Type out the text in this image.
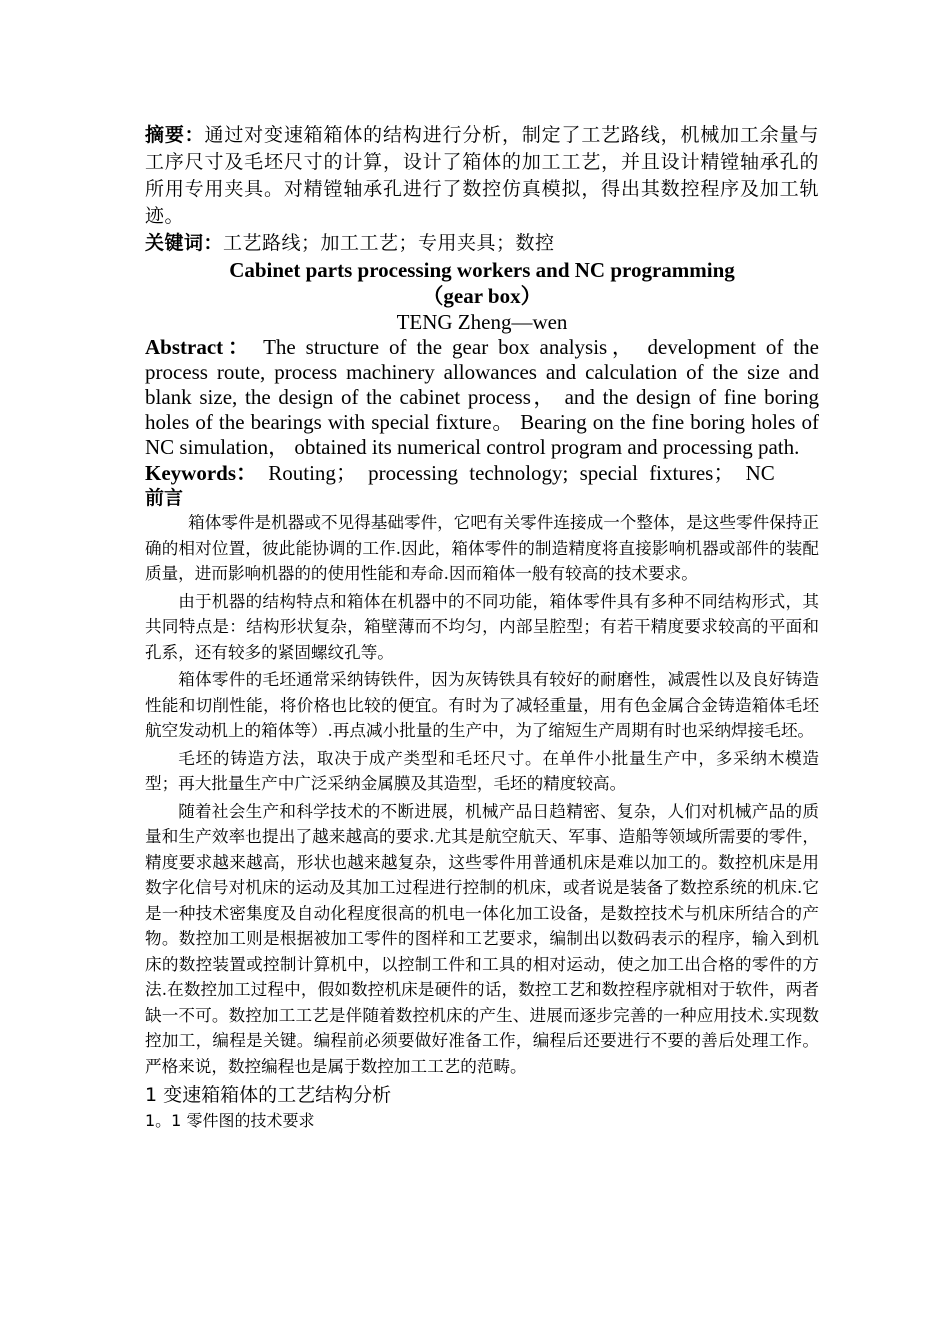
摘要：通过对变速箱箱体的结构进行分析，制定了工艺路线，机械加工余量与工序尺寸及毛坯尺寸的计算，设计了箱体的加工工艺，并且设计精镗轴承孔的所用专用夹具。对精镗轴承孔进行了数控仿真模拟，得出其数控程序及加工轨迹。
关键词：工艺路线；加工工艺；专用夹具；数控
Cabinet parts processing workers and NC programming
（gear box）
TENG Zheng—wen
Abstract： The structure of the gear box analysis， development of the process route, process machinery allowances and calculation of the size and blank size, the design of the cabinet process， and the design of fine boring holes of the bearings with special fixture。 Bearing on the fine boring holes of NC simulation， obtained its numerical control program and processing path.
Keywords： Routing； processing technology; special fixtures； NC
前言

箱体零件是机器或不见得基础零件，它吧有关零件连接成一个整体，是这些零件保持正确的相对位置，彼此能协调的工作.因此，箱体零件的制造精度将直接影响机器或部件的装配质量，进而影响机器的的使用性能和寿命.因而箱体一般有较高的技术要求。

由于机器的结构特点和箱体在机器中的不同功能，箱体零件具有多种不同结构形式，其共同特点是：结构形状复杂，箱壁薄而不均匀，内部呈腔型；有若干精度要求较高的平面和孔系，还有较多的紧固螺纹孔等。

箱体零件的毛坯通常采纳铸铁件，因为灰铸铁具有较好的耐磨性，减震性以及良好铸造性能和切削性能，将价格也比较的便宜。有时为了减轻重量，用有色金属合金铸造箱体毛坯航空发动机上的箱体等）.再点减小批量的生产中，为了缩短生产周期有时也采纳焊接毛坯。

毛坯的铸造方法，取决于成产类型和毛坯尺寸。在单件小批量生产中，多采纳木模造型；再大批量生产中广泛采纳金属膜及其造型，毛坯的精度较高。

随着社会生产和科学技术的不断进展，机械产品日趋精密、复杂，人们对机械产品的质量和生产效率也提出了越来越高的要求.尤其是航空航天、军事、造船等领域所需要的零件，精度要求越来越高，形状也越来越复杂，这些零件用普通机床是难以加工的。数控机床是用数字化信号对机床的运动及其加工过程进行控制的机床，或者说是装备了数控系统的机床.它是一种技术密集度及自动化程度很高的机电一体化加工设备，是数控技术与机床所结合的产物。数控加工则是根据被加工零件的图样和工艺要求，编制出以数码表示的程序，输入到机床的数控装置或控制计算机中，以控制工件和工具的相对运动，使之加工出合格的零件的方法.在数控加工过程中，假如数控机床是硬件的话，数控工艺和数控程序就相对于软件，两者缺一不可。数控加工工艺是伴随着数控机床的产生、进展而逐步完善的一种应用技术.实现数控加工，编程是关键。编程前必须要做好准备工作，编程后还要进行不要的善后处理工作。严格来说，数控编程也是属于数控加工工艺的范畴。

1 变速箱箱体的工艺结构分析
1。1 零件图的技术要求
